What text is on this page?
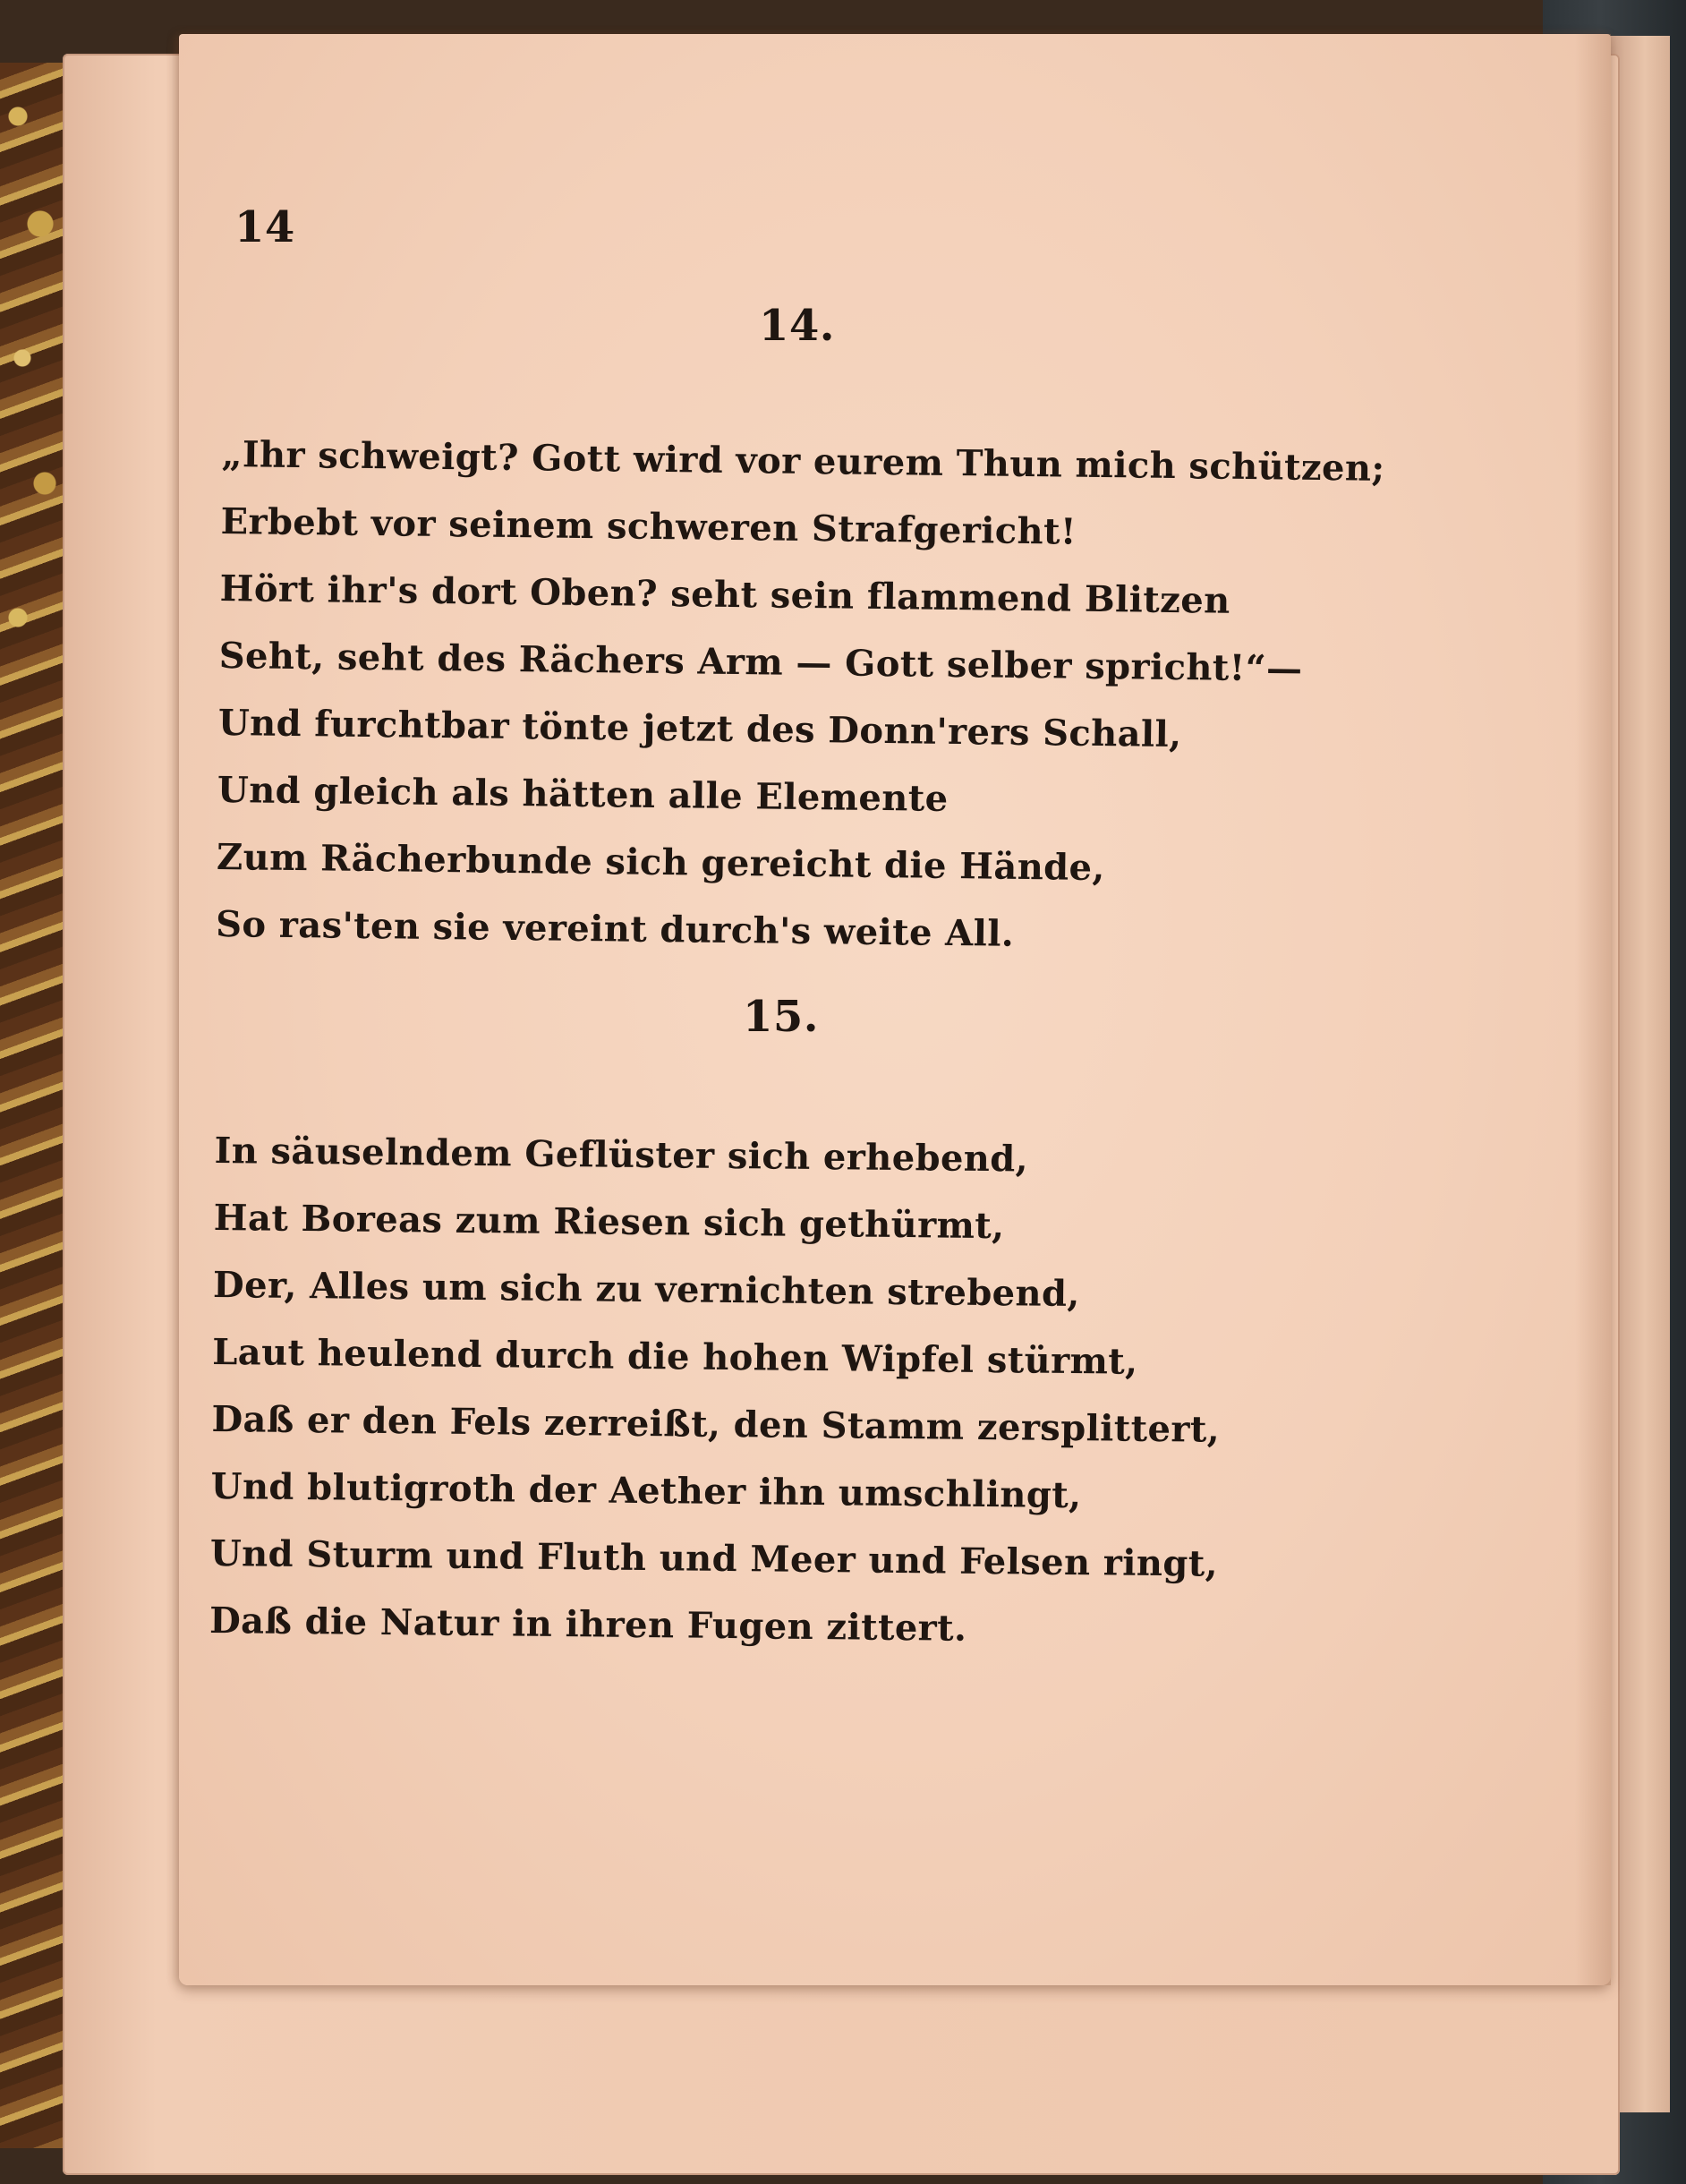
14
14.
„Ihr schweigt? Gott wird vor eurem Thun mich schützen;
Erbebt vor seinem schweren Strafgericht!
Hört ihr's dort Oben? seht sein flammend Blitzen
Seht, seht des Rächers Arm — Gott selber spricht!“—
Und furchtbar tönte jetzt des Donn'rers Schall,
Und gleich als hätten alle Elemente
Zum Rächerbunde sich gereicht die Hände,
So ras'ten sie vereint durch's weite All.
15.
In säuselndem Geflüster sich erhebend,
Hat Boreas zum Riesen sich gethürmt,
Der, Alles um sich zu vernichten strebend,
Laut heulend durch die hohen Wipfel stürmt,
Daß er den Fels zerreißt, den Stamm zersplittert,
Und blutigroth der Aether ihn umschlingt,
Und Sturm und Fluth und Meer und Felsen ringt,
Daß die Natur in ihren Fugen zittert.
